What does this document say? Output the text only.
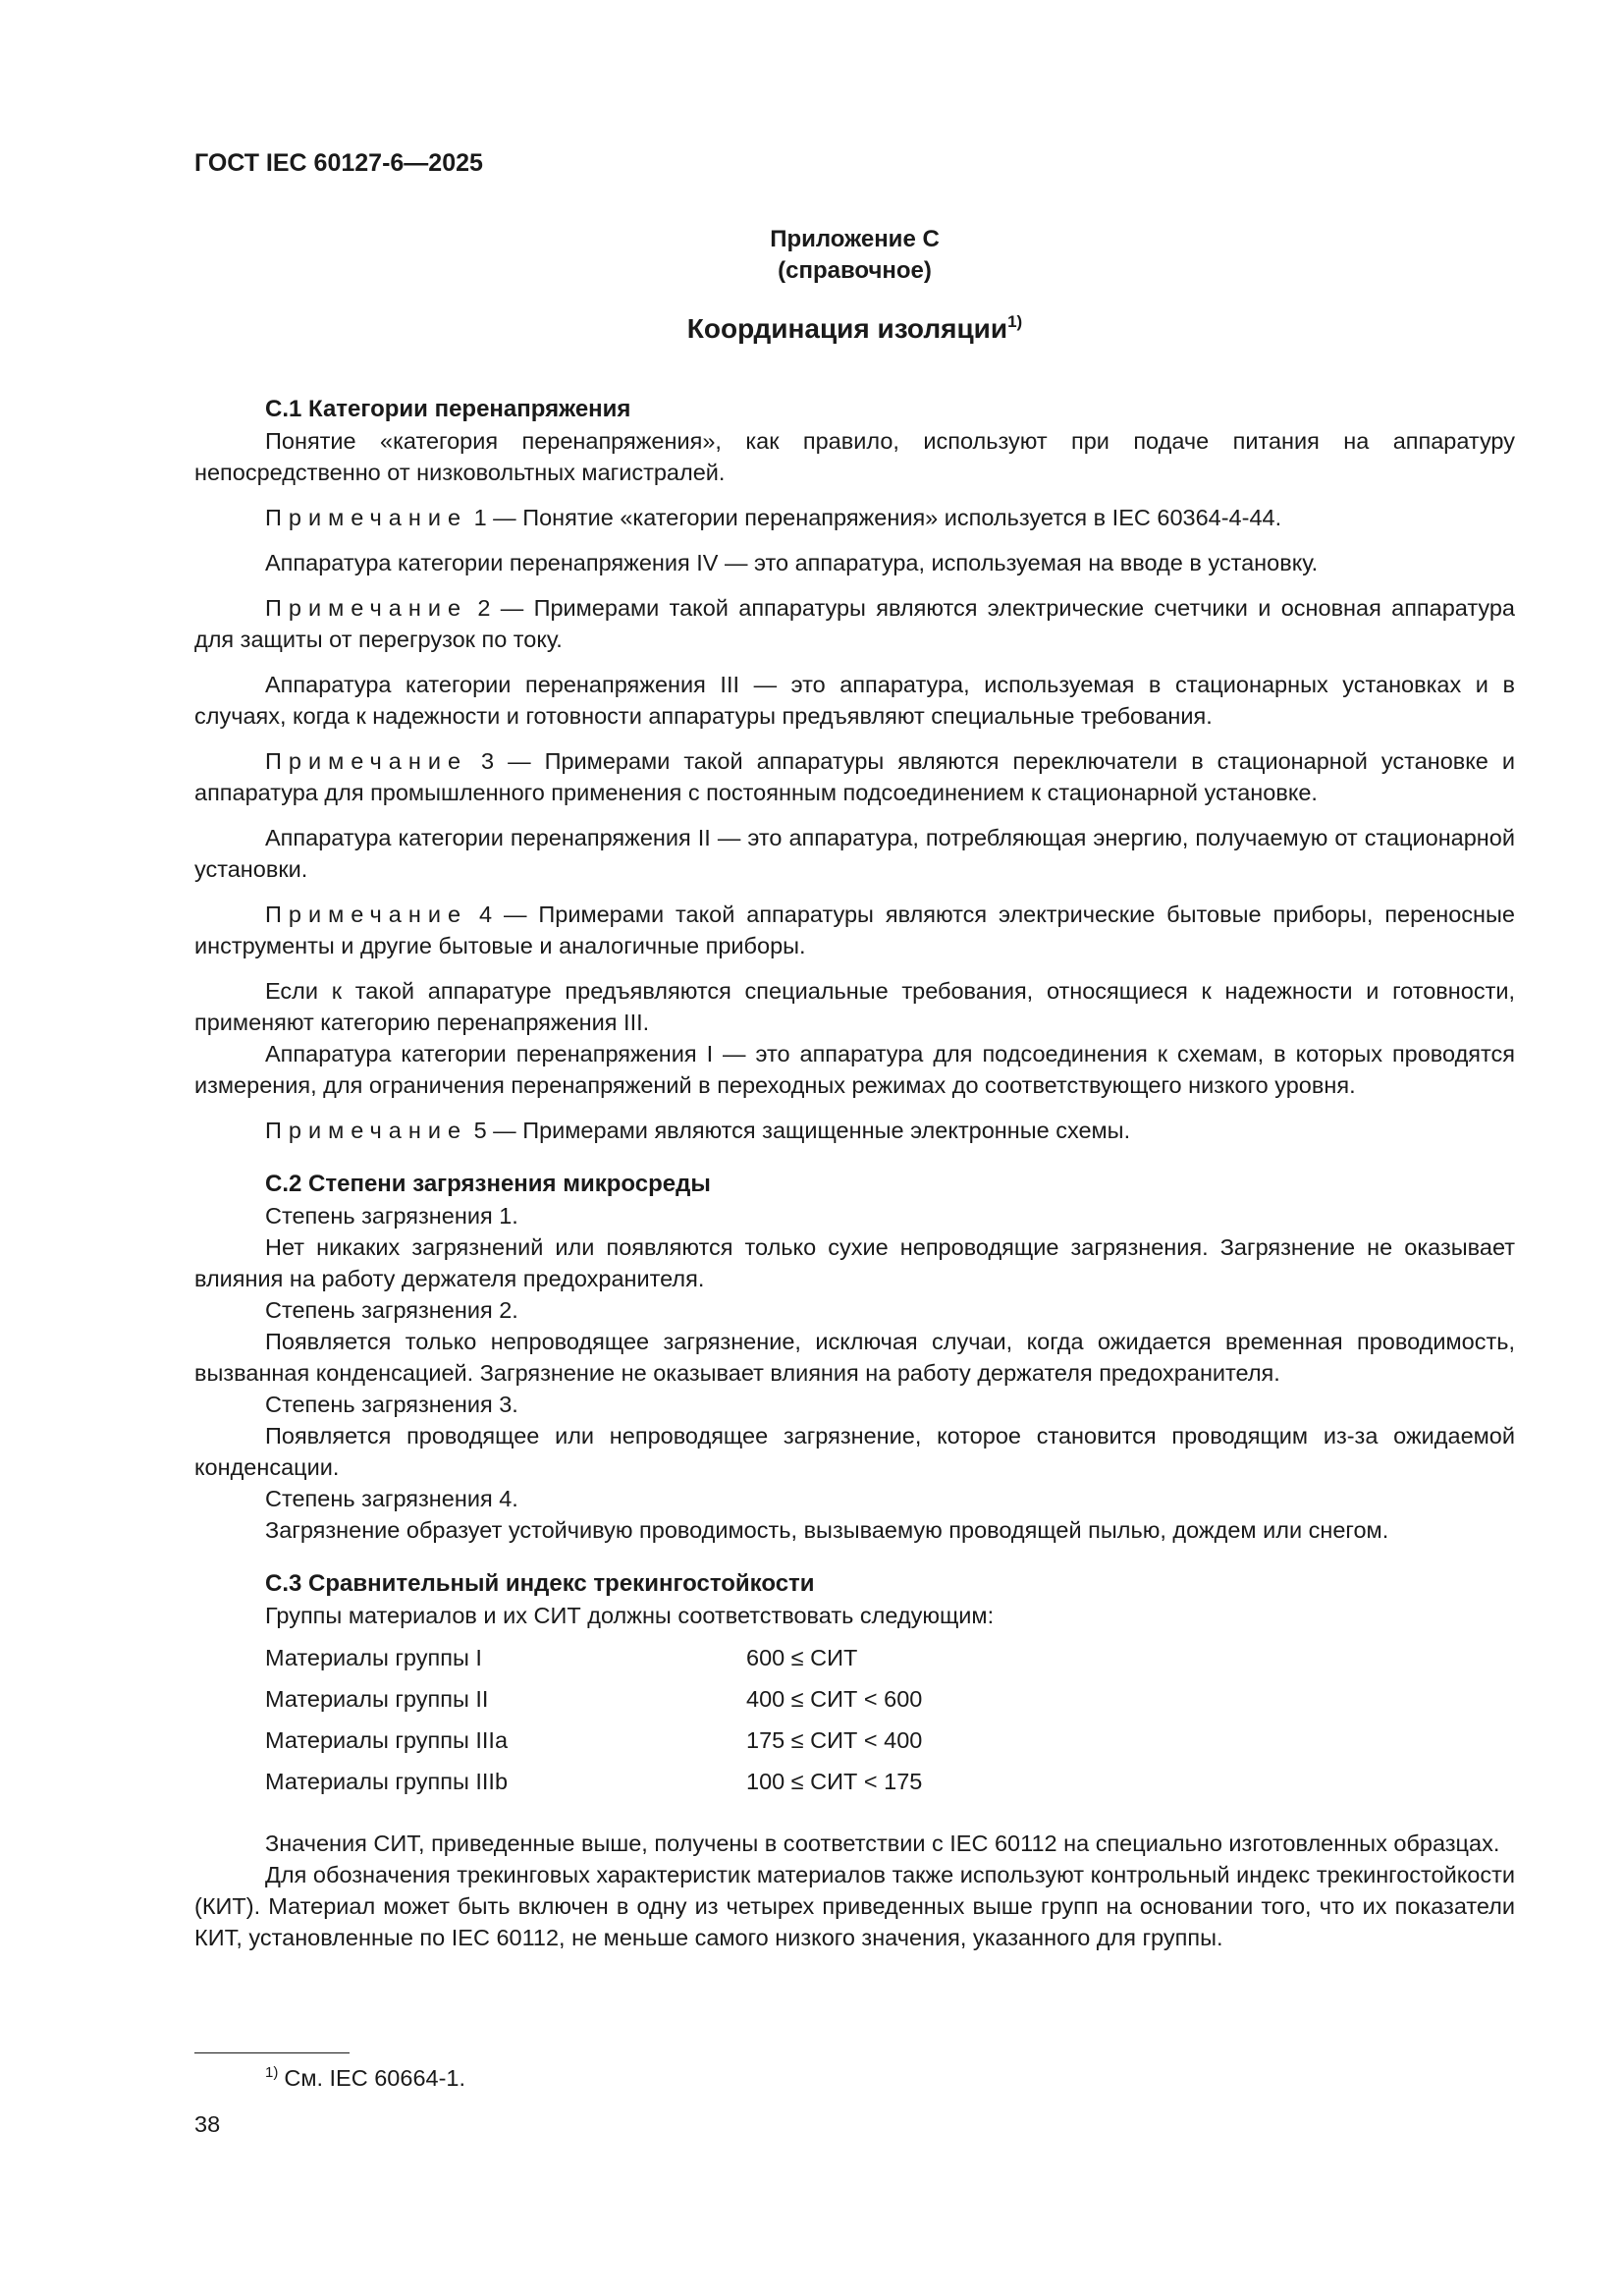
ГОСТ IEC 60127-6—2025
Приложение С
(справочное)
Координация изоляции$^{1)}$

С.1 Категории перенапряжения

Понятие «категория перенапряжения», как правило, используют при подаче питания на аппаратуру непосредственно от низковольтных магистралей.

Примечание 1 — Понятие «категории перенапряжения» используется в IEC 60364-4-44.

Аппаратура категории перенапряжения IV — это аппаратура, используемая на вводе в установку.

Примечание 2 — Примерами такой аппаратуры являются электрические счетчики и основная аппаратура для защиты от перегрузок по току.

Аппаратура категории перенапряжения III — это аппаратура, используемая в стационарных установках и в случаях, когда к надежности и готовности аппаратуры предъявляют специальные требования.

Примечание 3 — Примерами такой аппаратуры являются переключатели в стационарной установке и аппаратура для промышленного применения с постоянным подсоединением к стационарной установке.

Аппаратура категории перенапряжения II — это аппаратура, потребляющая энергию, получаемую от стационарной установки.

Примечание 4 — Примерами такой аппаратуры являются электрические бытовые приборы, переносные инструменты и другие бытовые и аналогичные приборы.

Если к такой аппаратуре предъявляются специальные требования, относящиеся к надежности и готовности, применяют категорию перенапряжения III.

Аппаратура категории перенапряжения I — это аппаратура для подсоединения к схемам, в которых проводятся измерения, для ограничения перенапряжений в переходных режимах до соответствующего низкого уровня.

Примечание 5 — Примерами являются защищенные электронные схемы.

С.2 Степени загрязнения микросреды

Степень загрязнения 1.

Нет никаких загрязнений или появляются только сухие непроводящие загрязнения. Загрязнение не оказывает влияния на работу держателя предохранителя.

Степень загрязнения 2.

Появляется только непроводящее загрязнение, исключая случаи, когда ожидается временная проводимость, вызванная конденсацией. Загрязнение не оказывает влияния на работу держателя предохранителя.

Степень загрязнения 3.

Появляется проводящее или непроводящее загрязнение, которое становится проводящим из-за ожидаемой конденсации.

Степень загрязнения 4.

Загрязнение образует устойчивую проводимость, вызываемую проводящей пылью, дождем или снегом.

С.3 Сравнительный индекс трекингостойкости

Группы материалов и их СИТ должны соответствовать следующим:

Материалы группы I	600 ≤ СИТ
Материалы группы II	400 ≤ СИТ < 600
Материалы группы IIIa	175 ≤ СИТ < 400
Материалы группы IIIb	100 ≤ СИТ < 175

Значения СИТ, приведенные выше, получены в соответствии с IEC 60112 на специально изготовленных образцах.

Для обозначения трекинговых характеристик материалов также используют контрольный индекс трекингостойкости (КИТ). Материал может быть включен в одну из четырех приведенных выше групп на основании того, что их показатели КИТ, установленные по IEC 60112, не меньше самого низкого значения, указанного для группы.

$^{1)}$ См. IEC 60664-1.
38
